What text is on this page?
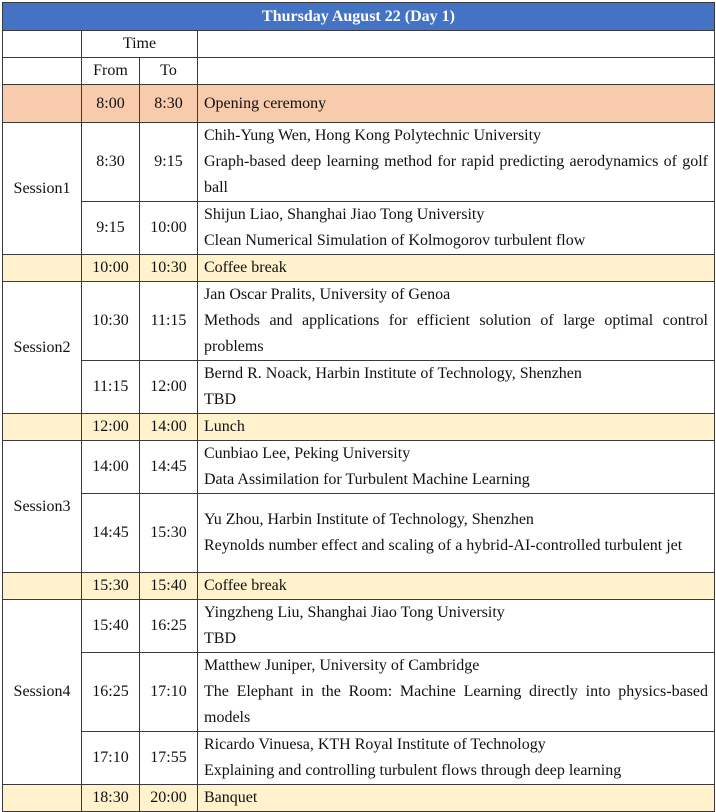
Thursday August 22 (Day 1)			
	Time		
	From	To	
	8:00	8:30	Opening ceremony
Session1	8:30	9:15	Chih-Yung Wen, Hong Kong Polytechnic University
Graph-based deep learning method for rapid predicting aerodynamics of golf ball

	9:15	10:00	Shijun Liao, Shanghai Jiao Tong University
Clean Numerical Simulation of Kolmogorov turbulent flow

	10:00	10:30	Coffee break
Session2	10:30	11:15	Jan Oscar Pralits, University of Genoa
Methods and applications for efficient solution of large optimal control problems

	11:15	12:00	Bernd R. Noack, Harbin Institute of Technology, Shenzhen
TBD

	12:00	14:00	Lunch
Session3	14:00	14:45	Cunbiao Lee, Peking University
Data Assimilation for Turbulent Machine Learning

	14:45	15:30	Yu Zhou, Harbin Institute of Technology, Shenzhen
Reynolds number effect and scaling of a hybrid-AI-controlled turbulent jet

	15:30	15:40	Coffee break
Session4	15:40	16:25	Yingzheng Liu, Shanghai Jiao Tong University
TBD

	16:25	17:10	Matthew Juniper, University of Cambridge
The Elephant in the Room: Machine Learning directly into physics-based models

	17:10	17:55	Ricardo Vinuesa, KTH Royal Institute of Technology
Explaining and controlling turbulent flows through deep learning

	18:30	20:00	Banquet
